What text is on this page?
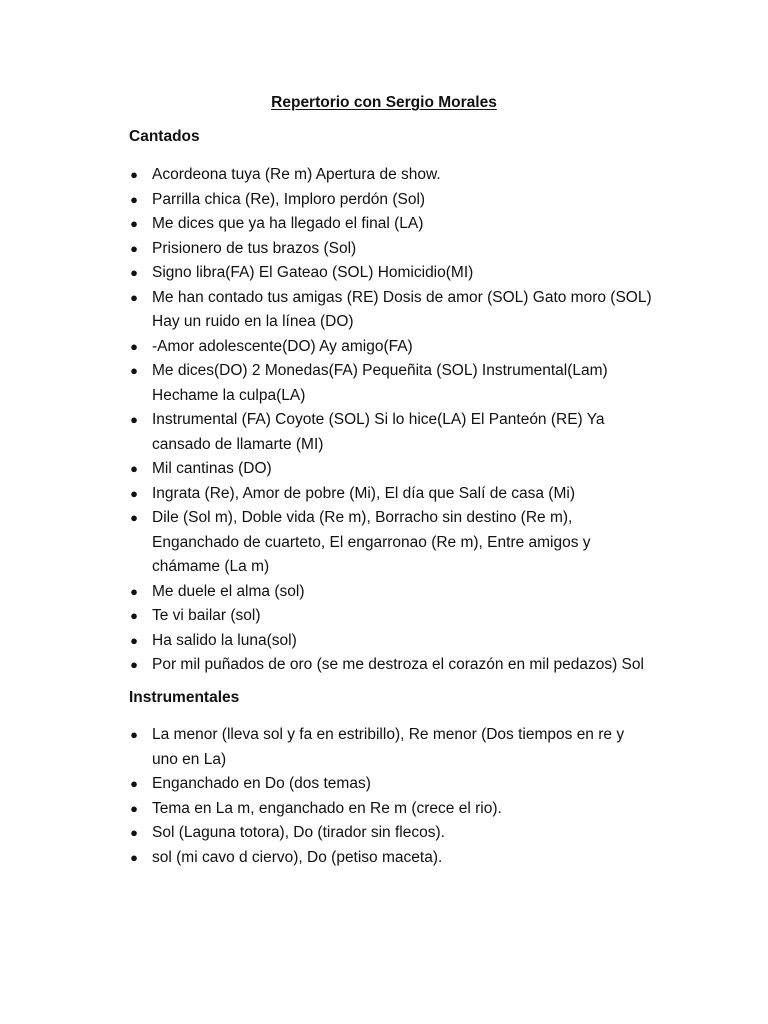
Repertorio con Sergio Morales
Cantados
● Acordeona tuya (Re m) Apertura de show.
● Parrilla chica (Re), Imploro perdón (Sol)
● Me dices que ya ha llegado el final (LA)
● Prisionero de tus brazos (Sol)
● Signo libra(FA) El Gateao (SOL) Homicidio(MI)
● Me han contado tus amigas (RE) Dosis de amor (SOL) Gato moro (SOL)
Hay un ruido en la línea (DO)
● -Amor adolescente(DO) Ay amigo(FA)
● Me dices(DO) 2 Monedas(FA) Pequeñita (SOL) Instrumental(Lam)
Hechame la culpa(LA)
● Instrumental (FA) Coyote (SOL) Si lo hice(LA) El Panteón (RE) Ya
cansado de llamarte (MI)
● Mil cantinas (DO)
● Ingrata (Re), Amor de pobre (Mi), El día que Salí de casa (Mi)
● Dile (Sol m), Doble vida (Re m), Borracho sin destino (Re m),
Enganchado de cuarteto, El engarronao (Re m), Entre amigos y
chámame (La m)
● Me duele el alma (sol)
● Te vi bailar (sol)
● Ha salido la luna(sol)
● Por mil puñados de oro (se me destroza el corazón en mil pedazos) Sol
Instrumentales
● La menor (lleva sol y fa en estribillo), Re menor (Dos tiempos en re y
uno en La)
● Enganchado en Do (dos temas)
● Tema en La m, enganchado en Re m (crece el rio).
● Sol (Laguna totora), Do (tirador sin flecos).
● sol (mi cavo d ciervo), Do (petiso maceta).
